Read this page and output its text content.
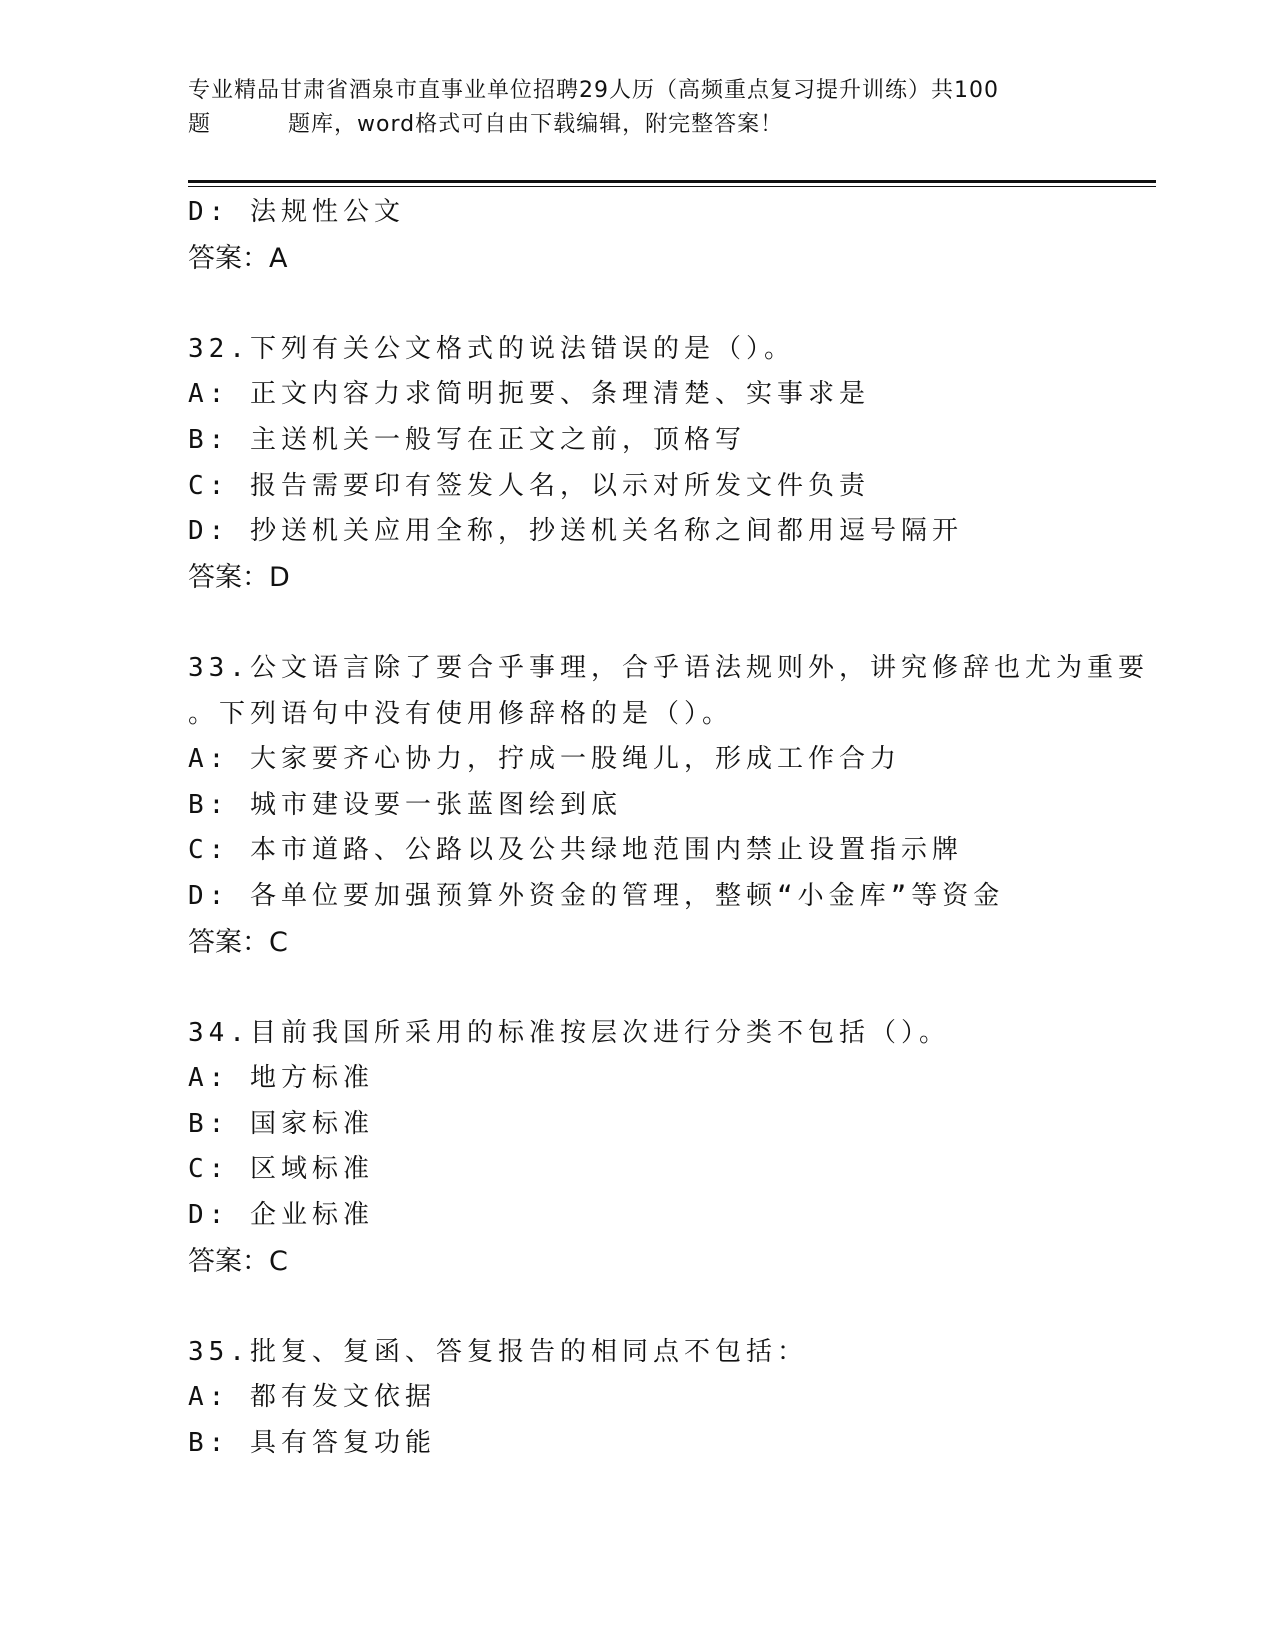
专业精品甘肃省酒泉市直事业单位招聘29人历（高频重点复习提升训练）共100
题	题库，word格式可自由下载编辑，附完整答案！
D: 法规性公文
答案：A
32.下列有关公文格式的说法错误的是（）。
A: 正文内容力求简明扼要、条理清楚、实事求是
B: 主送机关一般写在正文之前，顶格写
C: 报告需要印有签发人名，以示对所发文件负责
D: 抄送机关应用全称，抄送机关名称之间都用逗号隔开
答案：D
33.公文语言除了要合乎事理，合乎语法规则外，讲究修辞也尤为重要
。下列语句中没有使用修辞格的是（）。
A: 大家要齐心协力，拧成一股绳儿，形成工作合力
B: 城市建设要一张蓝图绘到底
C: 本市道路、公路以及公共绿地范围内禁止设置指示牌
D: 各单位要加强预算外资金的管理，整顿“小金库”等资金
答案：C
34.目前我国所采用的标准按层次进行分类不包括（）。
A: 地方标准
B: 国家标准
C: 区域标准
D: 企业标准
答案：C
35.批复、复函、答复报告的相同点不包括：
A: 都有发文依据
B: 具有答复功能
